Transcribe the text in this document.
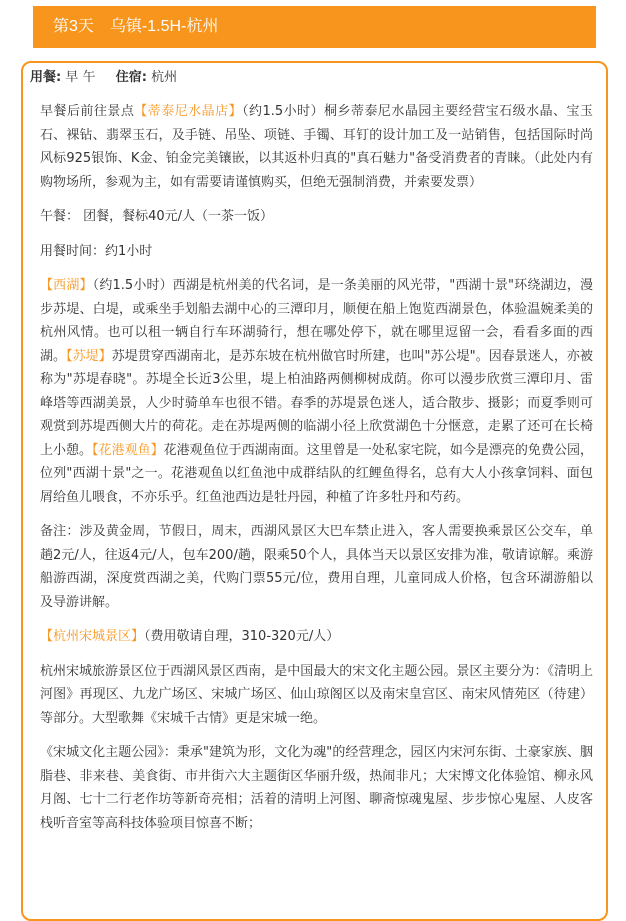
第3天 乌镇-1.5H-杭州
用餐: 早 午 住宿: 杭州

早餐后前往景点【蒂泰尼水晶店】（约1.5小时）桐乡蒂泰尼水晶园主要经营宝石级水晶、宝玉石、裸钻、翡翠玉石，及手链、吊坠、项链、手镯、耳钉的设计加工及一站销售，包括国际时尚风标925银饰、K金、铂金完美镶嵌，以其返朴归真的"真石魅力"备受消费者的青睐。（此处内有购物场所，参观为主，如有需要请谨慎购买，但绝无强制消费，并索要发票）

午餐： 团餐，餐标40元/人（一茶一饭）

用餐时间：约1小时

【西湖】（约1.5小时）西湖是杭州美的代名词，是一条美丽的风光带，"西湖十景"环绕湖边，漫步苏堤、白堤，或乘坐手划船去湖中心的三潭印月，顺便在船上饱览西湖景色，体验温婉柔美的杭州风情。也可以租一辆自行车环湖骑行，想在哪处停下，就在哪里逗留一会，看看多面的西湖。【苏堤】苏堤贯穿西湖南北，是苏东坡在杭州做官时所建，也叫"苏公堤"。因春景迷人，亦被称为"苏堤春晓"。苏堤全长近3公里，堤上柏油路两侧柳树成荫。你可以漫步欣赏三潭印月、雷峰塔等西湖美景，人少时骑单车也很不错。春季的苏堤景色迷人，适合散步、摄影；而夏季则可观赏到苏堤西侧大片的荷花。走在苏堤两侧的临湖小径上欣赏湖色十分惬意，走累了还可在长椅上小憩。【花港观鱼】花港观鱼位于西湖南面。这里曾是一处私家宅院，如今是漂亮的免费公园，位列"西湖十景"之一。花港观鱼以红鱼池中成群结队的红鲤鱼得名，总有大人小孩拿饲料、面包屑给鱼儿喂食，不亦乐乎。红鱼池西边是牡丹园，种植了许多牡丹和芍药。

备注：涉及黄金周，节假日，周末，西湖风景区大巴车禁止进入，客人需要换乘景区公交车，单趟2元/人，往返4元/人，包车200/趟，限乘50个人，具体当天以景区安排为准，敬请谅解。乘游船游西湖，深度赏西湖之美，代购门票55元/位，费用自理，儿童同成人价格，包含环湖游船以及导游讲解。

【杭州宋城景区】（费用敬请自理，310-320元/人）

杭州宋城旅游景区位于西湖风景区西南，是中国最大的宋文化主题公园。景区主要分为：《清明上河图》再现区、九龙广场区、宋城广场区、仙山琼阁区以及南宋皇宫区、南宋风情苑区（待建）等部分。大型歌舞《宋城千古情》更是宋城一绝。

《宋城文化主题公园》：秉承"建筑为形，文化为魂"的经营理念，园区内宋河东街、土豪家族、胭脂巷、非来巷、美食街、市井街六大主题街区华丽升级，热闹非凡；大宋博文化体验馆、柳永风月阁、七十二行老作坊等新奇亮相；活着的清明上河图、聊斋惊魂鬼屋、步步惊心鬼屋、人皮客栈听音室等高科技体验项目惊喜不断；
